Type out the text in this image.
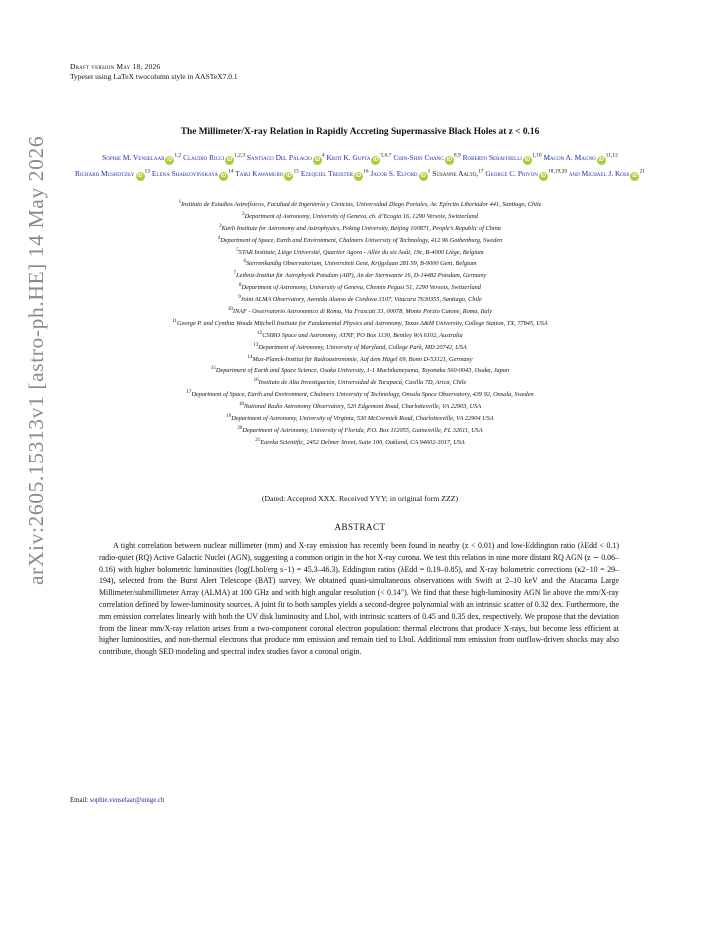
Draft version May 18, 2026
Typeset using LaTeX twocolumn style in AASTeX7.0.1
arXiv:2605.15313v1 [astro-ph.HE] 14 May 2026
The Millimeter/X-ray Relation in Rapidly Accreting Supermassive Black Holes at z < 0.16
Sophie M. Venselaar iD$^{1,2}$ Claudio Ricci iD$^{1,2,3}$ Santiago Del Palacio $iD^4$ Kriti K. Gupta iD$^{5,6,7}$ Chin-Shin Chang iD$^{8,9}$ Roberto Serafinelli iD$^{1,10}$ Macon A. Magno iD$^{11,12}$ Richard Mushotzky $iD^{13}$ Elena Shablovinskaya $iD^{14}$ Taiki Kawamuro $iD^{15}$ Ezequiel Treister $iD^{16}$ Jacob S. Elford $iD^1$ Susanne Aalto,$^{17}$ George C. Privon iD$^{18,19,20}$ and Michael J. Koss $iD^{21}$
$^1$Instituto de Estudios Astrofísicos, Facultad de Ingeniería y Ciencias, Universidad Diego Portales, Av. Ejército Libertador 441, Santiago, Chile
$^2$Department of Astronomy, University of Geneva, ch. d’Ecogia 16, 1290 Versoix, Switzerland
$^3$Kavli Institute for Astronomy and Astrophysics, Peking University, Beijing 100871, People’s Republic of China
$^4$Department of Space, Earth and Environment, Chalmers University of Technology, 412 96 Gothenburg, Sweden
$^5$STAR Institute, Liège Université, Quartier Agora - Allée du six Août, 19c, B-4000 Liège, Belgium
$^6$Sterrenkundig Observatorium, Universiteit Gent, Krijgslaan 281 S9, B-9000 Gent, Belgium
$^7$Leibniz-Institut für Astrophysik Potsdam (AIP), An der Sternwarte 16, D-14482 Potsdam, Germany
$^8$Department of Astronomy, University of Geneva, Chemin Pegasi 51, 1290 Versoix, Switzerland
$^9$Joint ALMA Observatory, Avenida Alonso de Cordova 3107, Vitacura 7630355, Santiago, Chile
$^{10}$INAF - Osservatorio Astronomico di Roma, Via Frascati 33, 00078, Monte Porzio Catone, Roma, Italy
$^{11}$George P. and Cynthia Woods Mitchell Institute for Fundamental Physics and Astronomy, Texas A&M University, College Station, TX, 77845, USA
$^{12}$CSIRO Space and Astronomy, ATNF, PO Box 1130, Bentley WA 6102, Australia
$^{13}$Department of Astronomy, University of Maryland, College Park, MD 20742, USA
$^{14}$Max-Planck-Institut für Radioastronomie, Auf dem Hügel 69, Bonn D-53121, Germany
$^{15}$Department of Earth and Space Science, Osaka University, 1-1 Machikaneyama, Toyonaka 560-0043, Osaka, Japan
$^{16}$Instituto de Alta Investigación, Universidad de Tarapacá, Casilla 7D, Arica, Chile
$^{17}$Department of Space, Earth and Environment, Chalmers University of Technology, Onsala Space Observatory, 439 92, Onsala, Sweden
$^{18}$National Radio Astronomy Observatory, 520 Edgemont Road, Charlottesville, VA 22903, USA
$^{19}$Department of Astronomy, University of Virginia, 530 McCormick Road, Charlottesville, VA 22904 USA
$^{20}$Department of Astronomy, University of Florida, P.O. Box 112055, Gainesville, FL 32611, USA
$^{21}$Eureka Scientific, 2452 Delmer Street, Suite 100, Oakland, CA 94602-3017, USA
(Dated: Accepted XXX. Received YYY; in original form ZZZ)
ABSTRACT

A tight correlation between nuclear millimeter (mm) and X-ray emission has recently been found in nearby (z < 0.01) and low-Eddington ratio (λEdd < 0.1) radio-quiet (RQ) Active Galactic Nuclei (AGN), suggesting a common origin in the hot X-ray corona. We test this relation in nine more distant RQ AGN (z ∼ 0.06–0.16) with higher bolometric luminosities (log(Lbol/erg s−1) = 45.3–46.3), Eddington ratios (λEdd = 0.19–0.85), and X-ray bolometric corrections (κ2−10 = 29–194), selected from the Burst Alert Telescope (BAT) survey. We obtained quasi-simultaneous observations with Swift at 2–10 keV and the Atacama Large Millimeter/submillimeter Array (ALMA) at 100 GHz and with high angular resolution (< 0.14″). We find that these high-luminosity AGN lie above the mm/X-ray correlation defined by lower-luminosity sources. A joint fit to both samples yields a second-degree polynomial with an intrinsic scatter of 0.32 dex. Furthermore, the mm emission correlates linearly with both the UV disk luminosity and Lbol, with intrinsic scatters of 0.45 and 0.35 dex, respectively. We propose that the deviation from the linear mm/X-ray relation arises from a two-component coronal electron population: thermal electrons that produce X-rays, but become less efficient at higher luminosities, and non-thermal electrons that produce mm emission and remain tied to Lbol. Additional mm emission from outflow-driven shocks may also contribute, though SED modeling and spectral index studies favor a coronal origin.

Email: sophie.venselaar@unige.ch
